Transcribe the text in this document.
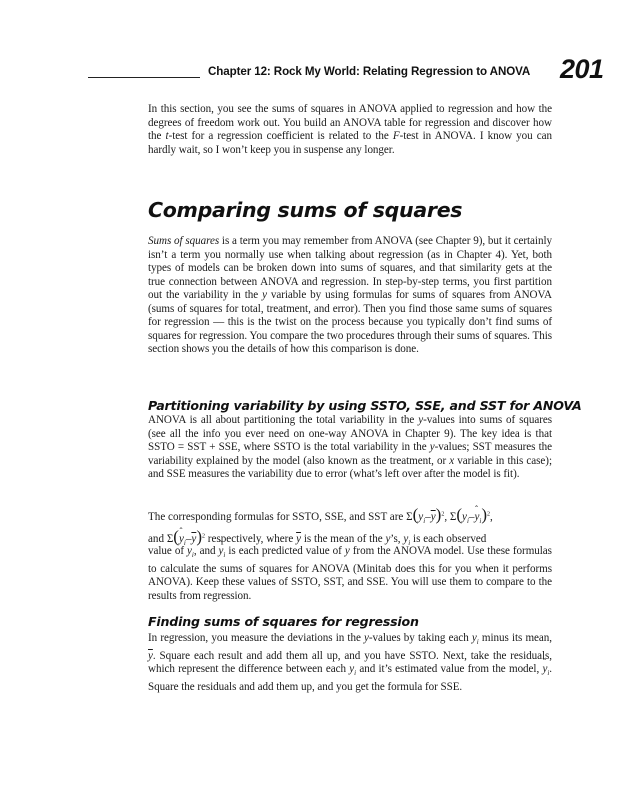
Chapter 12: Rock My World: Relating Regression to ANOVA	201

In this section, you see the sums of squares in ANOVA applied to regression and how the degrees of freedom work out. You build an ANOVA table for regression and discover how the t-test for a regression coefficient is related to the F-test in ANOVA. I know you can hardly wait, so I won’t keep you in suspense any longer.

Comparing sums of squares

Sums of squares is a term you may remember from ANOVA (see Chapter 9), but it certainly isn’t a term you normally use when talking about regression (as in Chapter 4). Yet, both types of models can be broken down into sums of squares, and that similarity gets at the true connection between ANOVA and regression. In step-by-step terms, you first partition out the variability in the y variable by using formulas for sums of squares from ANOVA (sums of squares for total, treatment, and error). Then you find those same sums of squares for regression — this is the twist on the process because you typically don’t find sums of squares for regression. You compare the two procedures through their sums of squares. This section shows you the details of how this comparison is done.

Partitioning variability by using SSTO, SSE, and SST for ANOVA

ANOVA is all about partitioning the total variability in the y-values into sums of squares (see all the info you ever need on one-way ANOVA in Chapter 9). The key idea is that SSTO = SST + SSE, where SSTO is the total variability in the y-values; SST measures the variability explained by the model (also known as the treatment, or x variable in this case); and SSE measures the variability due to error (what’s left over after the model is fit).

The corresponding formulas for SSTO, SSE, and SST are $\Sigma(y_i-\overline{y})^2$, $\Sigma(y_i-ˆ$ $y_i)^2$,
and Σ(ˆ $y_i-\overline{y})^2$ respectively, where $\overline{y}$ is the mean of the y’s, $y_i$ is each observed

value of $y_i$, and ˆ $y_i$ is each predicted value of y from the ANOVA model. Use these formulas to calculate the sums of squares for ANOVA (Minitab does this for you when it performs ANOVA). Keep these values of SSTO, SST, and SSE. You will use them to compare to the results from regression.

Finding sums of squares for regression

In regression, you measure the deviations in the y-values by taking each $y_i$ minus its mean, $\overline{y}$. Square each result and add them all up, and you have SSTO. Next, take the residuals, which represent the difference between each $y_i$ and it’s estimated value from the model, ˆ $y_i$. Square the residuals and add them up, and you get the formula for SSE.
